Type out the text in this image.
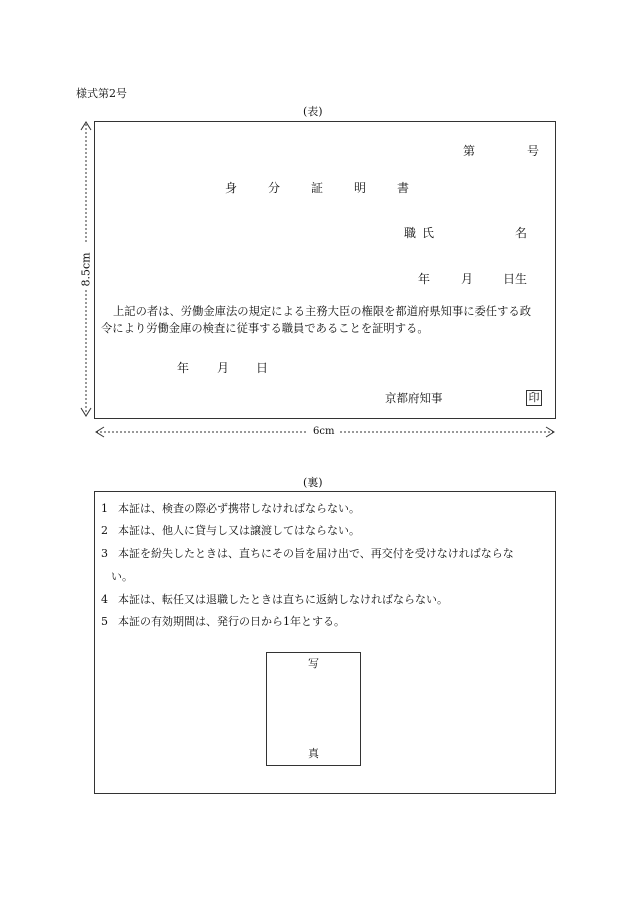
様式第2号
(表)
8.5cm
第	号
身	分	証	明	書
職 氏	名
年	月 日生
上記の者は、労働金庫法の規定による主務大臣の権限を都道府県知事に委任する政
令により労働金庫の検査に従事する職員であることを証明する。
年 月 日
京都府知事	印
6cm
(裏)
1 本証は、検査の際必ず携帯しなければならない。
2 本証は、他人に貸与し又は譲渡してはならない。
3 本証を紛失したときは、直ちにその旨を届け出で、再交付を受けなければならな
い。
4 本証は、転任又は退職したときは直ちに返納しなければならない。
5 本証の有効期間は、発行の日から1年とする。
写
真
